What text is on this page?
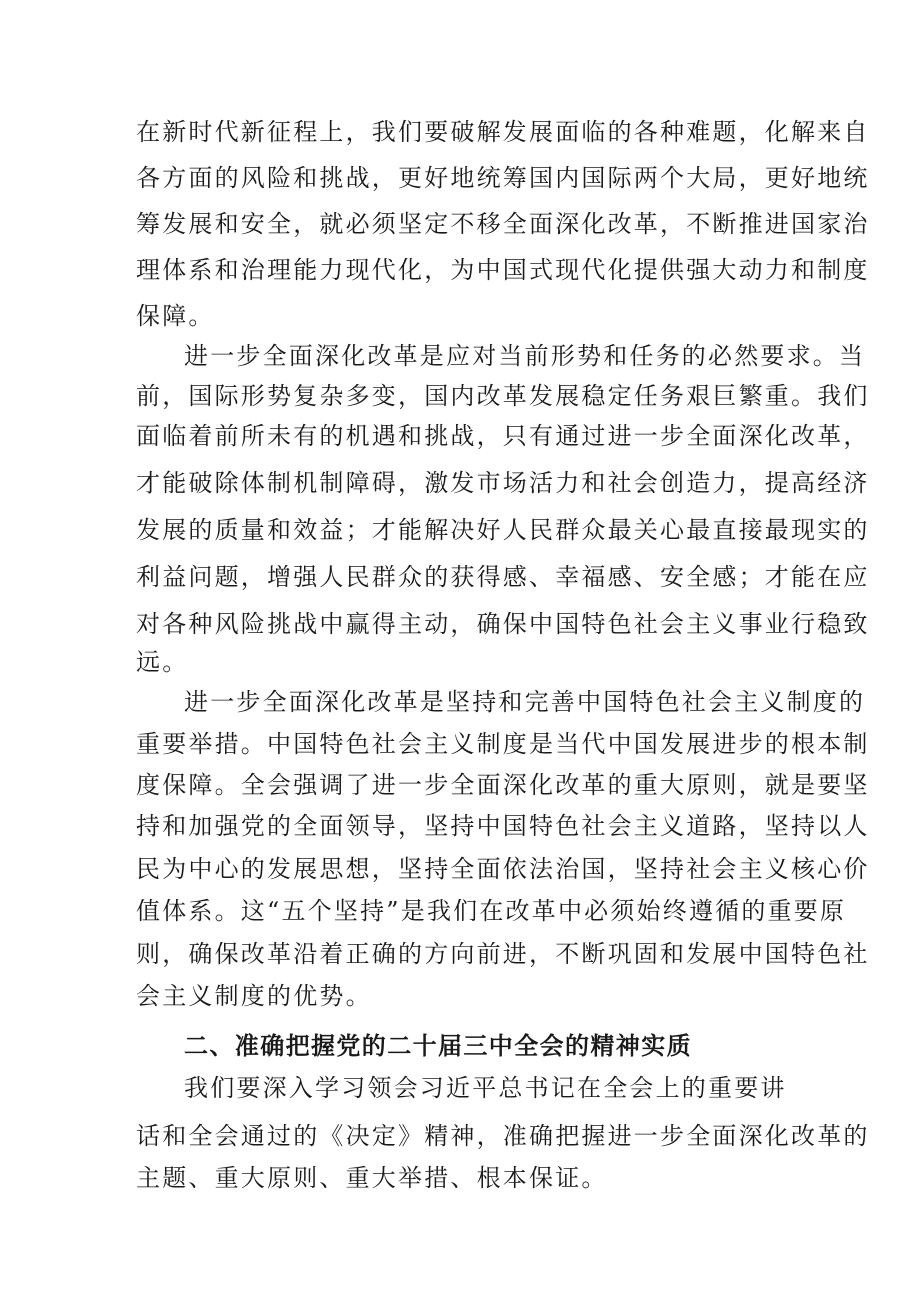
在新时代新征程上，我们要破解发展面临的各种难题，化解来自
各方面的风险和挑战，更好地统筹国内国际两个大局，更好地统
筹发展和安全，就必须坚定不移全面深化改革，不断推进国家治
理体系和治理能力现代化，为中国式现代化提供强大动力和制度
保障。
进一步全面深化改革是应对当前形势和任务的必然要求。当
前，国际形势复杂多变，国内改革发展稳定任务艰巨繁重。我们
面临着前所未有的机遇和挑战，只有通过进一步全面深化改革，
才能破除体制机制障碍，激发市场活力和社会创造力，提高经济
发展的质量和效益；才能解决好人民群众最关心最直接最现实的
利益问题，增强人民群众的获得感、幸福感、安全感；才能在应
对各种风险挑战中赢得主动，确保中国特色社会主义事业行稳致
远。
进一步全面深化改革是坚持和完善中国特色社会主义制度的
重要举措。中国特色社会主义制度是当代中国发展进步的根本制
度保障。全会强调了进一步全面深化改革的重大原则，就是要坚
持和加强党的全面领导，坚持中国特色社会主义道路，坚持以人
民为中心的发展思想，坚持全面依法治国，坚持社会主义核心价
值体系。这“五个坚持”是我们在改革中必须始终遵循的重要原
则，确保改革沿着正确的方向前进，不断巩固和发展中国特色社
会主义制度的优势。
二、准确把握党的二十届三中全会的精神实质
我们要深入学习领会习近平总书记在全会上的重要讲
话和全会通过的《决定》精神，准确把握进一步全面深化改革的
主题、重大原则、重大举措、根本保证。
